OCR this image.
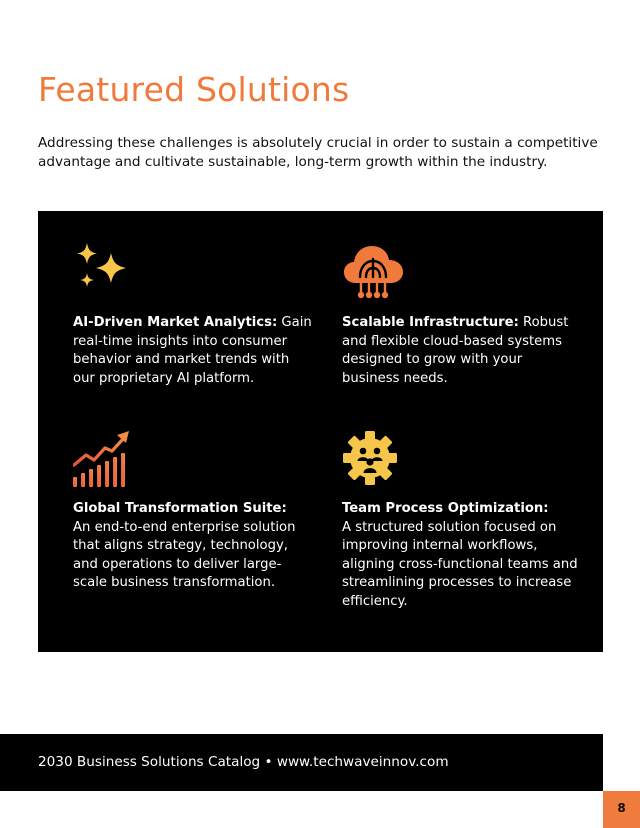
Featured Solutions
Addressing these challenges is absolutely crucial in order to sustain a competitive advantage and cultivate sustainable, long-term growth within the industry.
AI-Driven Market Analytics: Gain real-time insights into consumer behavior and market trends with our proprietary AI platform.
Scalable Infrastructure: Robust and flexible cloud-based systems designed to grow with your business needs.
Global Transformation Suite:
An end-to-end enterprise solution that aligns strategy, technology, and operations to deliver large-scale business transformation.
Team Process Optimization:
A structured solution focused on improving internal workflows, aligning cross-functional teams and streamlining processes to increase efficiency.
2030 Business Solutions Catalog • www.techwaveinnov.com
8
